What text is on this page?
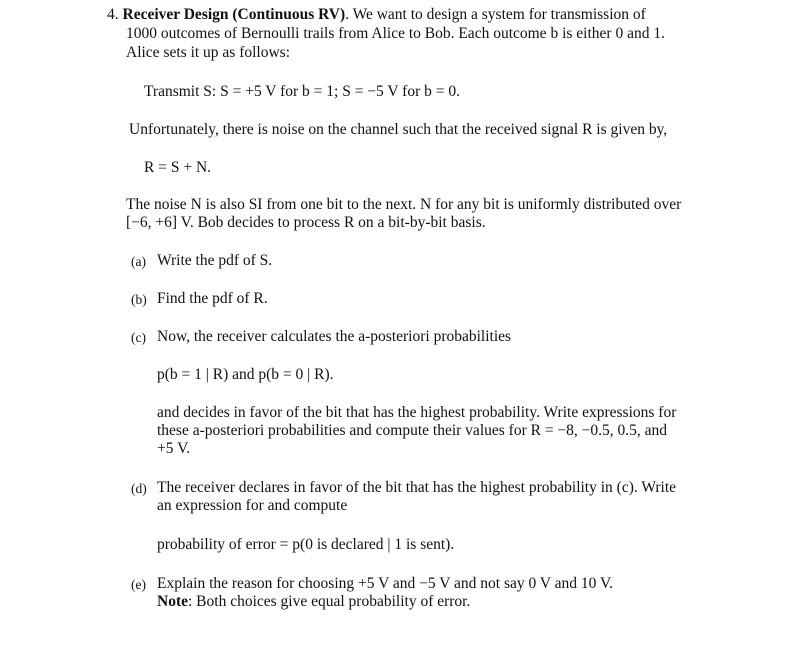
4. Receiver Design (Continuous RV). We want to design a system for transmission of
1000 outcomes of Bernoulli trails from Alice to Bob. Each outcome b is either 0 and 1.
Alice sets it up as follows:
Transmit S: S = +5 V for b = 1; S = −5 V for b = 0.
Unfortunately, there is noise on the channel such that the received signal R is given by,
R = S + N.
The noise N is also SI from one bit to the next. N for any bit is uniformly distributed over
[−6, +6] V. Bob decides to process R on a bit-by-bit basis.
(a) Write the pdf of S.
(b) Find the pdf of R.
(c) Now, the receiver calculates the a-posteriori probabilities
p(b = 1 | R) and p(b = 0 | R).
and decides in favor of the bit that has the highest probability. Write expressions for
these a-posteriori probabilities and compute their values for R = −8, −0.5, 0.5, and
+5 V.
(d) The receiver declares in favor of the bit that has the highest probability in (c). Write
an expression for and compute
probability of error = p(0 is declared | 1 is sent).
(e) Explain the reason for choosing +5 V and −5 V and not say 0 V and 10 V.
Note: Both choices give equal probability of error.
